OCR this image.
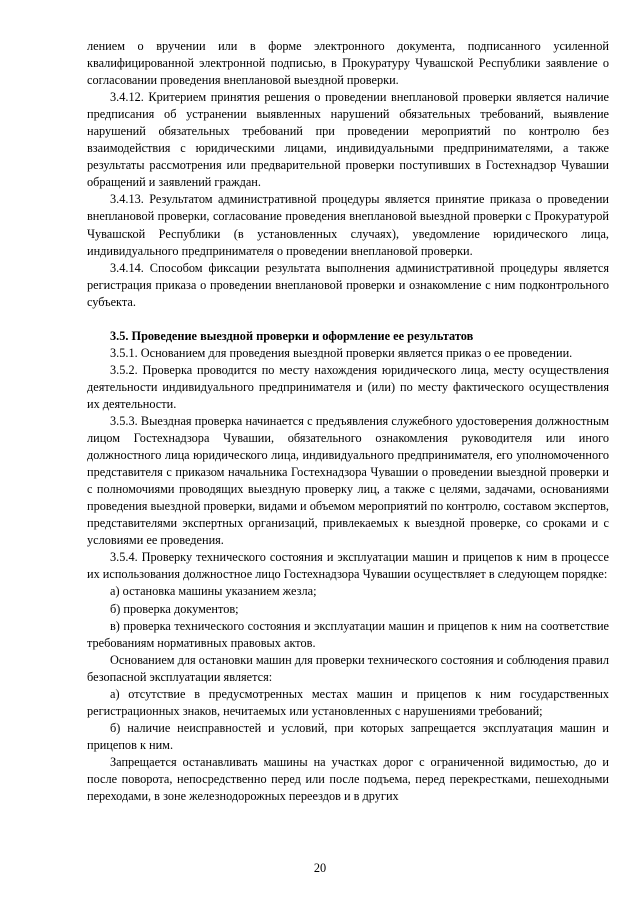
лением о вручении или в форме электронного документа, подписанного усиленной квалифицированной электронной подписью, в Прокуратуру Чувашской Республики заявление о согласовании проведения внеплановой выездной проверки.

3.4.12. Критерием принятия решения о проведении внеплановой проверки является наличие предписания об устранении выявленных нарушений обязательных требований, выявление нарушений обязательных требований при проведении мероприятий по контролю без взаимодействия с юридическими лицами, индивидуальными предпринимателями, а также результаты рассмотрения или предварительной проверки поступивших в Гостехнадзор Чувашии обращений и заявлений граждан.

3.4.13. Результатом административной процедуры является принятие приказа о проведении внеплановой проверки, согласование проведения внеплановой выездной проверки с Прокуратурой Чувашской Республики (в установленных случаях), уведомление юридического лица, индивидуального предпринимателя о проведении внеплановой проверки.

3.4.14. Способом фиксации результата выполнения административной процедуры является регистрация приказа о проведении внеплановой проверки и ознакомление с ним подконтрольного субъекта.

3.5. Проведение выездной проверки и оформление ее результатов

3.5.1. Основанием для проведения выездной проверки является приказ о ее проведении.

3.5.2. Проверка проводится по месту нахождения юридического лица, месту осуществления деятельности индивидуального предпринимателя и (или) по месту фактического осуществления их деятельности.

3.5.3. Выездная проверка начинается с предъявления служебного удостоверения должностным лицом Гостехнадзора Чувашии, обязательного ознакомления руководителя или иного должностного лица юридического лица, индивидуального предпринимателя, его уполномоченного представителя с приказом начальника Гостехнадзора Чувашии о проведении выездной проверки и с полномочиями проводящих выездную проверку лиц, а также с целями, задачами, основаниями проведения выездной проверки, видами и объемом мероприятий по контролю, составом экспертов, представителями экспертных организаций, привлекаемых к выездной проверке, со сроками и с условиями ее проведения.

3.5.4. Проверку технического состояния и эксплуатации машин и прицепов к ним в процессе их использования должностное лицо Гостехнадзора Чувашии осуществляет в следующем порядке:

а) остановка машины указанием жезла;

б) проверка документов;

в) проверка технического состояния и эксплуатации машин и прицепов к ним на соответствие требованиям нормативных правовых актов.

Основанием для остановки машин для проверки технического состояния и соблюдения правил безопасной эксплуатации является:

а) отсутствие в предусмотренных местах машин и прицепов к ним государственных регистрационных знаков, нечитаемых или установленных с нарушениями требований;

б) наличие неисправностей и условий, при которых запрещается эксплуатация машин и прицепов к ним.

Запрещается останавливать машины на участках дорог с ограниченной видимостью, до и после поворота, непосредственно перед или после подъема, перед перекрестками, пешеходными переходами, в зоне железнодорожных переездов и в других

20
